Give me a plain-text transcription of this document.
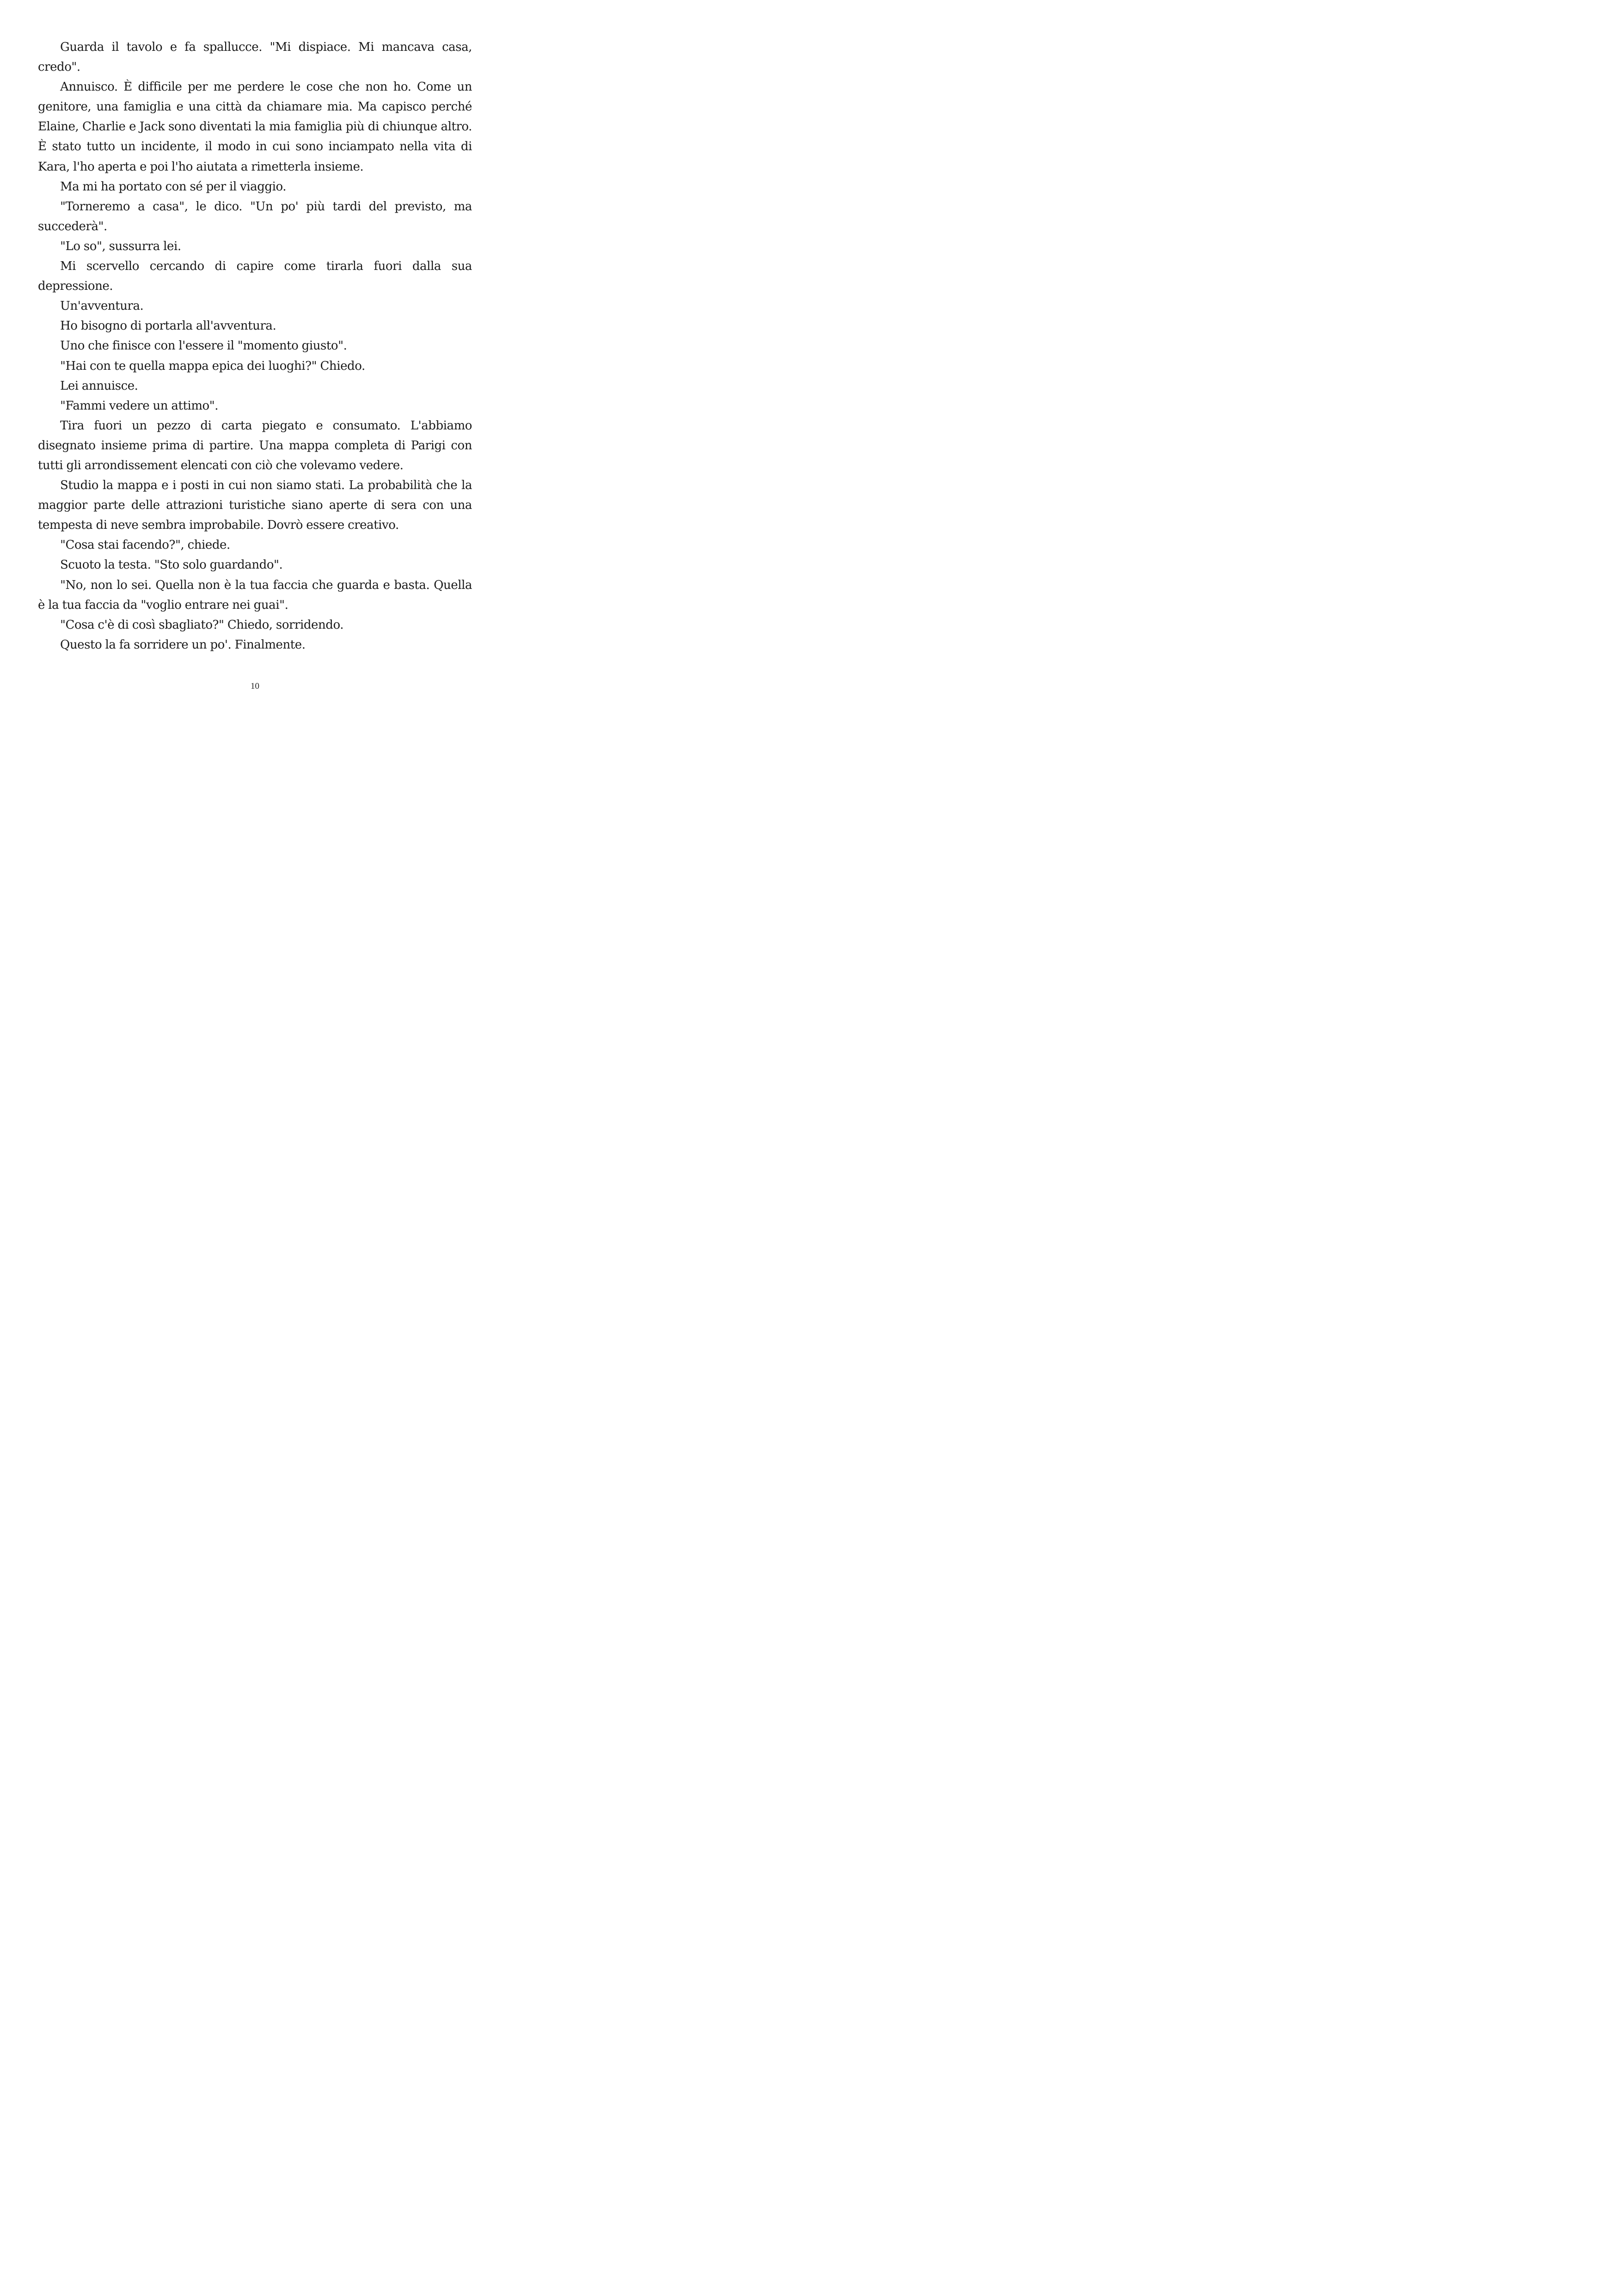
Guarda il tavolo e fa spallucce. "Mi dispiace. Mi mancava casa, credo".

Annuisco. È difficile per me perdere le cose che non ho. Come un genitore, una famiglia e una città da chiamare mia. Ma capisco perché Elaine, Charlie e Jack sono diventati la mia famiglia più di chiunque altro. È stato tutto un incidente, il modo in cui sono inciampato nella vita di Kara, l'ho aperta e poi l'ho aiutata a rimetterla insieme.

Ma mi ha portato con sé per il viaggio.

"Torneremo a casa", le dico. "Un po' più tardi del previsto, ma succederà".

"Lo so", sussurra lei.

Mi scervello cercando di capire come tirarla fuori dalla sua depressione.

Un'avventura.

Ho bisogno di portarla all'avventura.

Uno che finisce con l'essere il "momento giusto".

"Hai con te quella mappa epica dei luoghi?" Chiedo.

Lei annuisce.

"Fammi vedere un attimo".

Tira fuori un pezzo di carta piegato e consumato. L'abbiamo disegnato insieme prima di partire. Una mappa completa di Parigi con tutti gli arrondissement elencati con ciò che volevamo vedere.

Studio la mappa e i posti in cui non siamo stati. La probabilità che la maggior parte delle attrazioni turistiche siano aperte di sera con una tempesta di neve sembra improbabile. Dovrò essere creativo.

"Cosa stai facendo?", chiede.

Scuoto la testa. "Sto solo guardando".

"No, non lo sei. Quella non è la tua faccia che guarda e basta. Quella è la tua faccia da "voglio entrare nei guai".

"Cosa c'è di così sbagliato?" Chiedo, sorridendo.

Questo la fa sorridere un po'. Finalmente.

10
